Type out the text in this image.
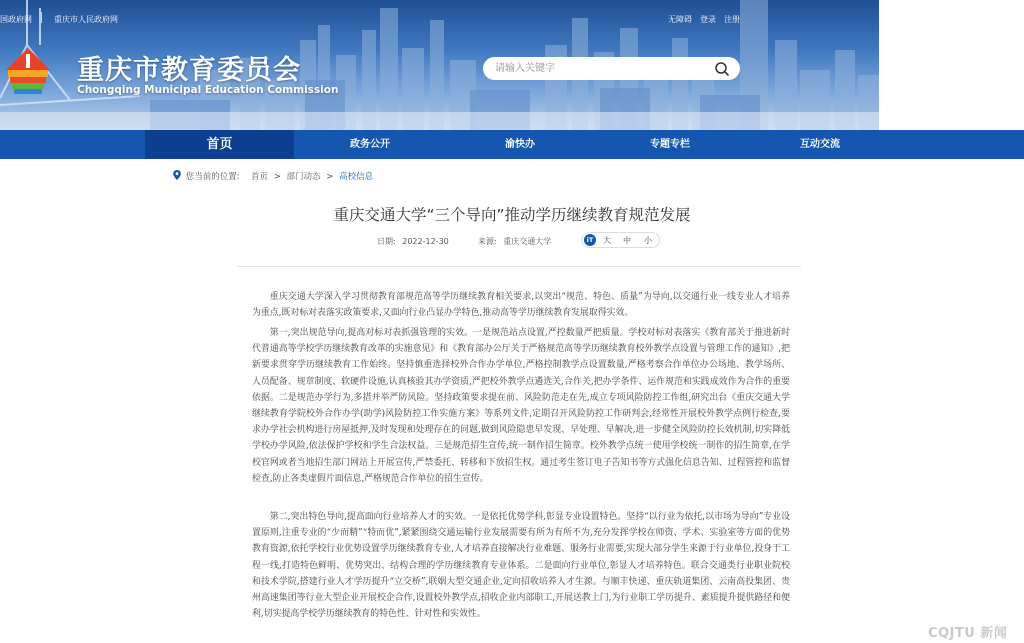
国政府网	重庆市人民政府网	无障碍 登录 注册
重庆市教育委员会
Chongqing Municipal Education Commission
请输入关键字
首页	政务公开	渝快办	专题专栏	互动交流
您当前的位置: 首页 > 部门动态 > 高校信息
重庆交通大学“三个导向”推动学历继续教育规范发展
日期: 2022-12-30	来源: 重庆交通大学	iT	大 中 小

重庆交通大学深入学习贯彻教育部规范高等学历继续教育相关要求,以突出“规范、特色、质量”为导向,以交通行业一线专业人才培养为重点,既对标对表落实政策要求,又面向行业凸显办学特色,推动高等学历继续教育发展取得实效。

第一,突出规范导向,提高对标对表抓强管理的实效。一是规范站点设置,严控数量严把质量。学校对标对表落实《教育部关于推进新时代普通高等学校学历继续教育改革的实施意见》和《教育部办公厅关于严格规范高等学历继续教育校外教学点设置与管理工作的通知》,把新要求贯穿学历继续教育工作始终。坚持慎重选择校外合作办学单位,严格控制教学点设置数量,严格考察合作单位办公场地、教学场所、人员配备、规章制度、软硬件设施,认真核验其办学资质,严把校外教学点遴选关,合作关,把办学条件、运作规范和实践成效作为合作的重要依据。二是规范办学行为,多措并举严防风险。坚持政策要求提在前、风险防范走在先,成立专项风险防控工作组,研究出台《重庆交通大学继续教育学院校外合作办学(助学)风险防控工作实施方案》等系列文件,定期召开风险防控工作研判会,经常性开展校外教学点例行检查,要求办学社会机构进行房屋抵押,及时发现和处理存在的问题,做到风险隐患早发现、早处理、早解决,进一步健全风险防控长效机制,切实降低学校办学风险,依法保护学校和学生合法权益。三是规范招生宣传,统一制作招生简章。校外教学点统一使用学校统一制作的招生简章,在学校官网或者当地招生部门网站上开展宣传,严禁委托、转移和下放招生权。通过考生签订电子告知书等方式强化信息告知、过程管控和监督检查,防止各类虚假片面信息,严格规范合作单位的招生宣传。

第二,突出特色导向,提高面向行业培养人才的实效。一是依托优势学科,彰显专业设置特色。坚持“以行业为依托,以市场为导向”专业设置原则,注重专业的“少而精”“特而优”,紧紧围绕交通运输行业发展需要有所为有所不为,充分发挥学校在师资、学术、实验室等方面的优势教育资源,依托学校行业优势设置学历继续教育专业,人才培养直接解决行业难题、服务行业需要,实现大部分学生来源于行业单位,投身于工程一线,打造特色鲜明、优势突出、结构合理的学历继续教育专业体系。二是面向行业单位,彰显人才培养特色。联合交通类行业职业院校和技术学院,搭建行业人才学历提升“立交桥”,联姻大型交通企业,定向招收培养人才生源。与顺丰快递、重庆轨道集团、云南高投集团、贵州高速集团等行业大型企业开展校企合作,设置校外教学点,招收企业内部职工,开展送教上门,为行业职工学历提升、素质提升提供路径和便利,切实提高学校学历继续教育的特色性、针对性和实效性。

CQJTU 新闻
